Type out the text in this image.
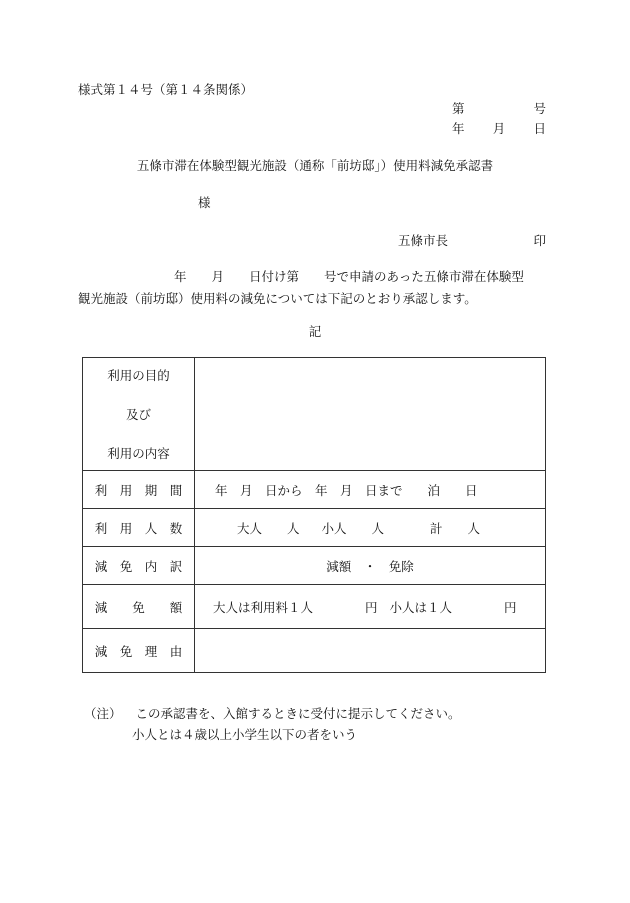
様式第１４号（第１４条関係）
第	号
年 月 日
五條市滞在体験型観光施設（通称「前坊邸」）使用料減免承認書
様
五條市長	印
年　　月　　日付け第　　号で申請のあった五條市滞在体験型
観光施設（前坊邸）使用料の減免については下記のとおり承認します。
記
利用の目的
及び
利用の内容	

利　用　期　間	年　月　日から　年　月　日まで　　泊　　日
利　用　人　数	大人　　人 小人　　人 計　　人

減　免　内　訳	減額　・　免除
減　　免　　額	大人は利用料１人 円 小人は１人 円

減　免　理　由	
（注） この承認書を、入館するときに受付に提示してください。
小人とは４歳以上小学生以下の者をいう
